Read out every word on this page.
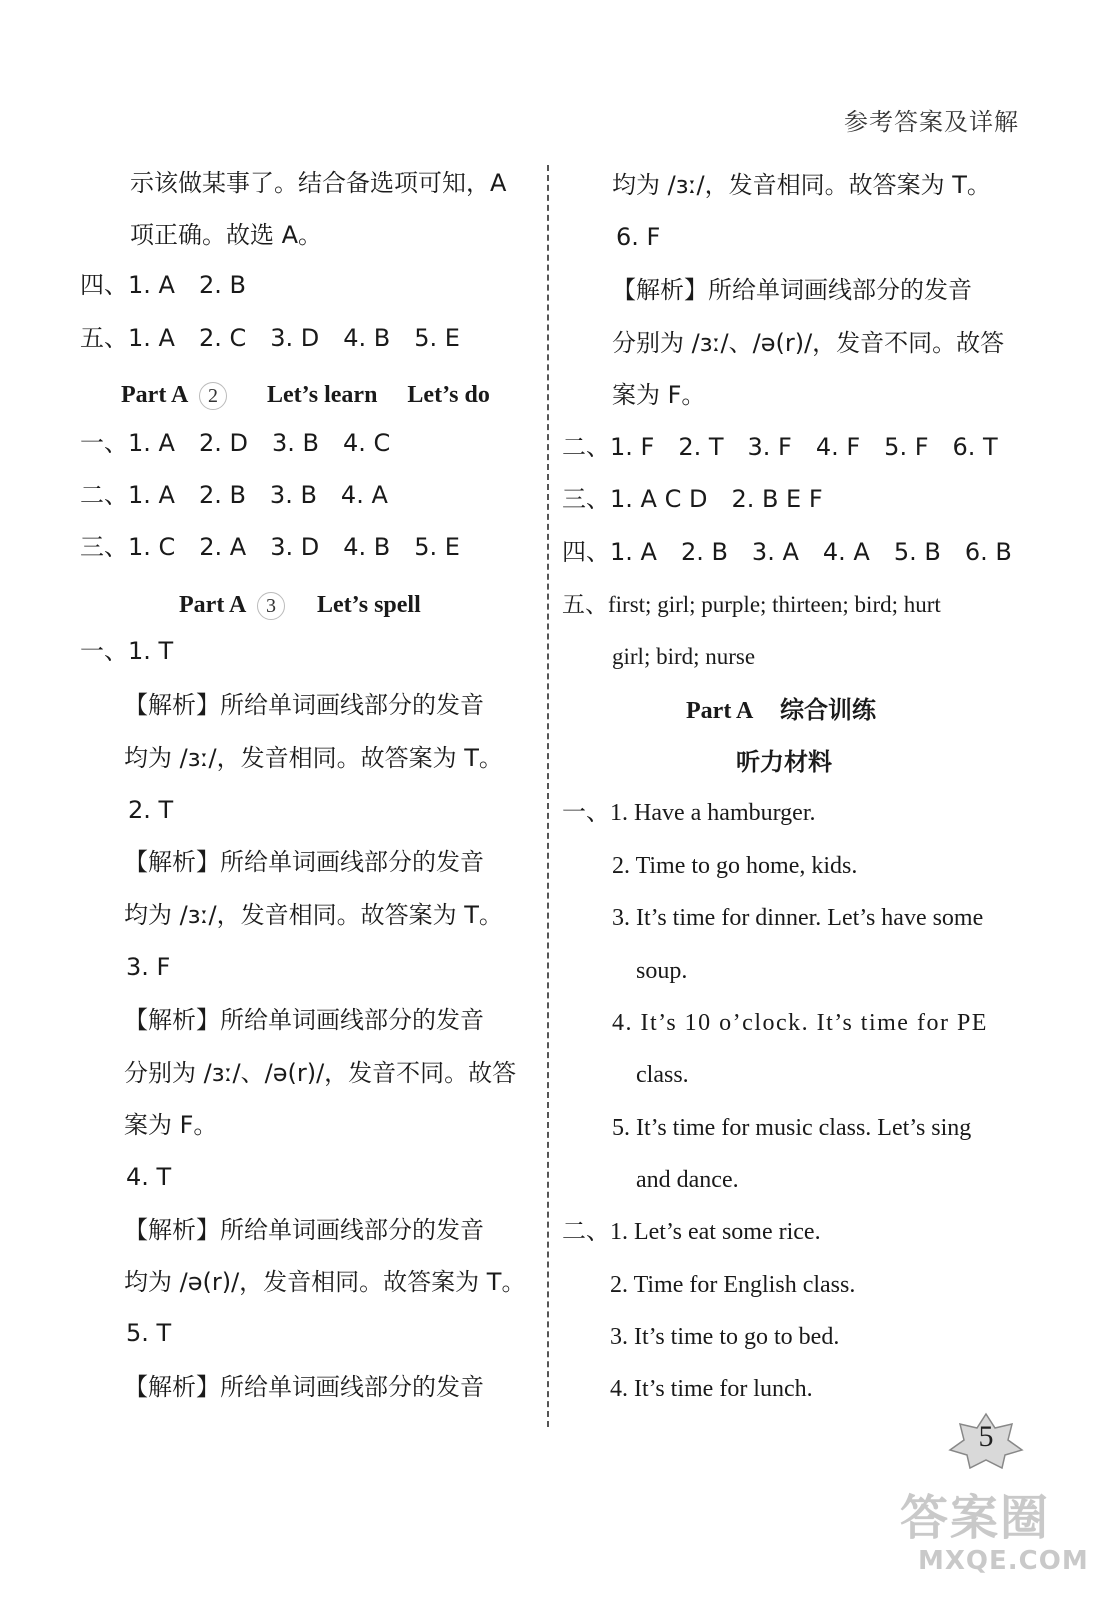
参考答案及详解
示该做某事了。结合备选项可知，A
项正确。故选 A。
四、1. A　2. B
五、1. A　2. C　3. D　4. B　5. E
Part A 2 Let’s learn Let’s do
一、1. A　2. D　3. B　4. C
二、1. A　2. B　3. B　4. A
三、1. C　2. A　3. D　4. B　5. E
Part A 3 Let’s spell
一、1. T
【解析】所给单词画线部分的发音
均为 /ɜː/，发音相同。故答案为 T。
2. T
【解析】所给单词画线部分的发音
均为 /ɜː/，发音相同。故答案为 T。
3. F
【解析】所给单词画线部分的发音
分别为 /ɜː/、/ə(r)/，发音不同。故答
案为 F。
4. T
【解析】所给单词画线部分的发音
均为 /ə(r)/，发音相同。故答案为 T。
5. T
【解析】所给单词画线部分的发音
均为 /ɜː/，发音相同。故答案为 T。
6. F
【解析】所给单词画线部分的发音
分别为 /ɜː/、/ə(r)/，发音不同。故答
案为 F。
二、1. F　2. T　3. F　4. F　5. F　6. T
三、1. A C D　2. B E F
四、1. A　2. B　3. A　4. A　5. B　6. B
五、first; girl; purple; thirteen; bird; hurt
girl; bird; nurse
Part A 综合训练
听力材料
一、1. Have a hamburger.
2. Time to go home, kids.
3. It’s time for dinner. Let’s have some
soup.
4. It’s 10 o’clock. It’s time for PE
class.
5. It’s time for music class. Let’s sing
and dance.
二、1. Let’s eat some rice.
2. Time for English class.
3. It’s time to go to bed.
4. It’s time for lunch.
5
答案圈
MXQE.COM
